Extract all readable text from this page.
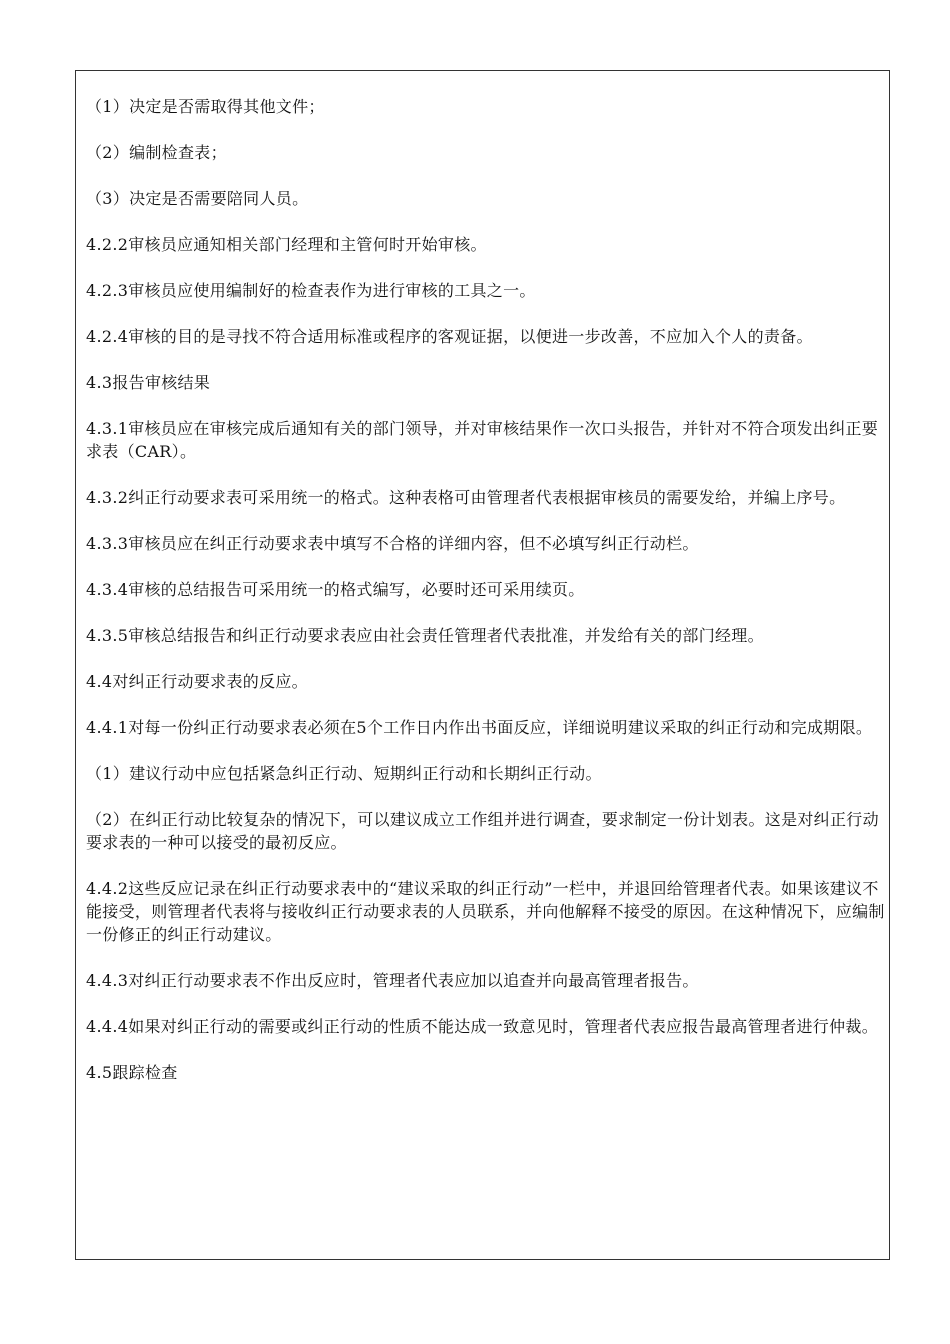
（1）决定是否需取得其他文件；

（2）编制检查表；

（3）决定是否需要陪同人员。

4.2.2审核员应通知相关部门经理和主管何时开始审核。

4.2.3审核员应使用编制好的检查表作为进行审核的工具之一。

4.2.4审核的目的是寻找不符合适用标准或程序的客观证据，以便进一步改善，不应加入个人的责备。

4.3报告审核结果

4.3.1审核员应在审核完成后通知有关的部门领导，并对审核结果作一次口头报告，并针对不符合项发出纠正要求表（CAR）。

4.3.2纠正行动要求表可采用统一的格式。这种表格可由管理者代表根据审核员的需要发给，并编上序号。

4.3.3审核员应在纠正行动要求表中填写不合格的详细内容，但不必填写纠正行动栏。

4.3.4审核的总结报告可采用统一的格式编写，必要时还可采用续页。

4.3.5审核总结报告和纠正行动要求表应由社会责任管理者代表批准，并发给有关的部门经理。

4.4对纠正行动要求表的反应。

4.4.1对每一份纠正行动要求表必须在5个工作日内作出书面反应，详细说明建议采取的纠正行动和完成期限。

（1）建议行动中应包括紧急纠正行动、短期纠正行动和长期纠正行动。

（2）在纠正行动比较复杂的情况下，可以建议成立工作组并进行调查，要求制定一份计划表。这是对纠正行动要求表的一种可以接受的最初反应。

4.4.2这些反应记录在纠正行动要求表中的“建议采取的纠正行动”一栏中，并退回给管理者代表。如果该建议不能接受，则管理者代表将与接收纠正行动要求表的人员联系，并向他解释不接受的原因。在这种情况下，应编制一份修正的纠正行动建议。

4.4.3对纠正行动要求表不作出反应时，管理者代表应加以追查并向最高管理者报告。

4.4.4如果对纠正行动的需要或纠正行动的性质不能达成一致意见时，管理者代表应报告最高管理者进行仲裁。

4.5跟踪检查
